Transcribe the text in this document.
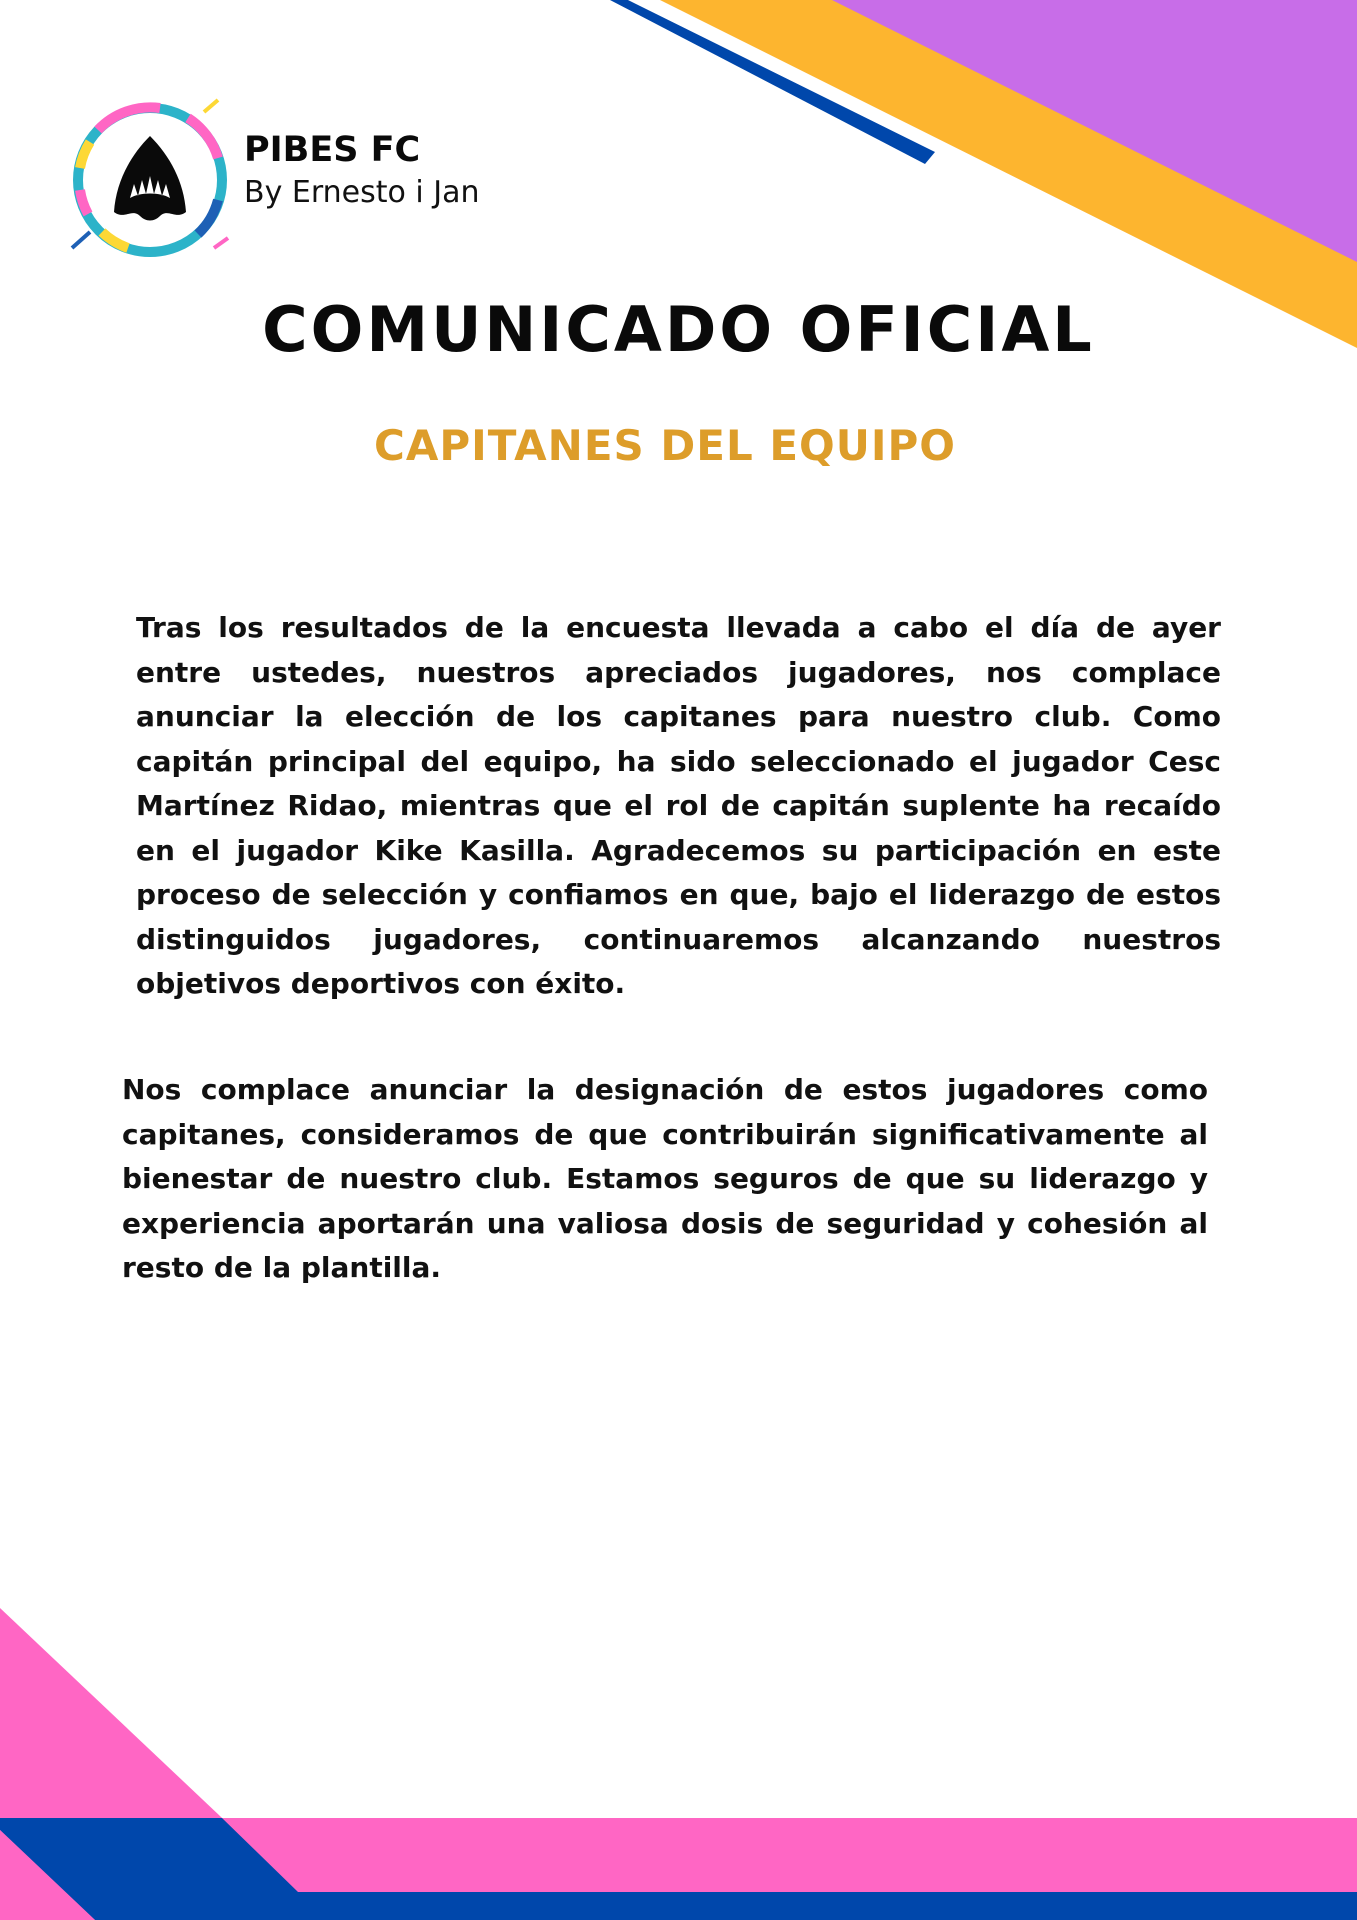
PIBES FC
By Ernesto i Jan
COMUNICADO OFICIAL
CAPITANES DEL EQUIPO

Tras los resultados de la encuesta llevada a cabo el día de ayer entre ustedes, nuestros apreciados jugadores, nos complace anunciar la elección de los capitanes para nuestro club. Como capitán principal del equipo, ha sido seleccionado el jugador Cesc Martínez Ridao, mientras que el rol de capitán suplente ha recaído en el jugador Kike Kasilla. Agradecemos su participación en este proceso de selección y confiamos en que, bajo el liderazgo de estos distinguidos jugadores, continuaremos alcanzando nuestros objetivos deportivos con éxito.

Nos complace anunciar la designación de estos jugadores como capitanes, consideramos de que contribuirán significativamente al bienestar de nuestro club. Estamos seguros de que su liderazgo y experiencia aportarán una valiosa dosis de seguridad y cohesión al resto de la plantilla.
